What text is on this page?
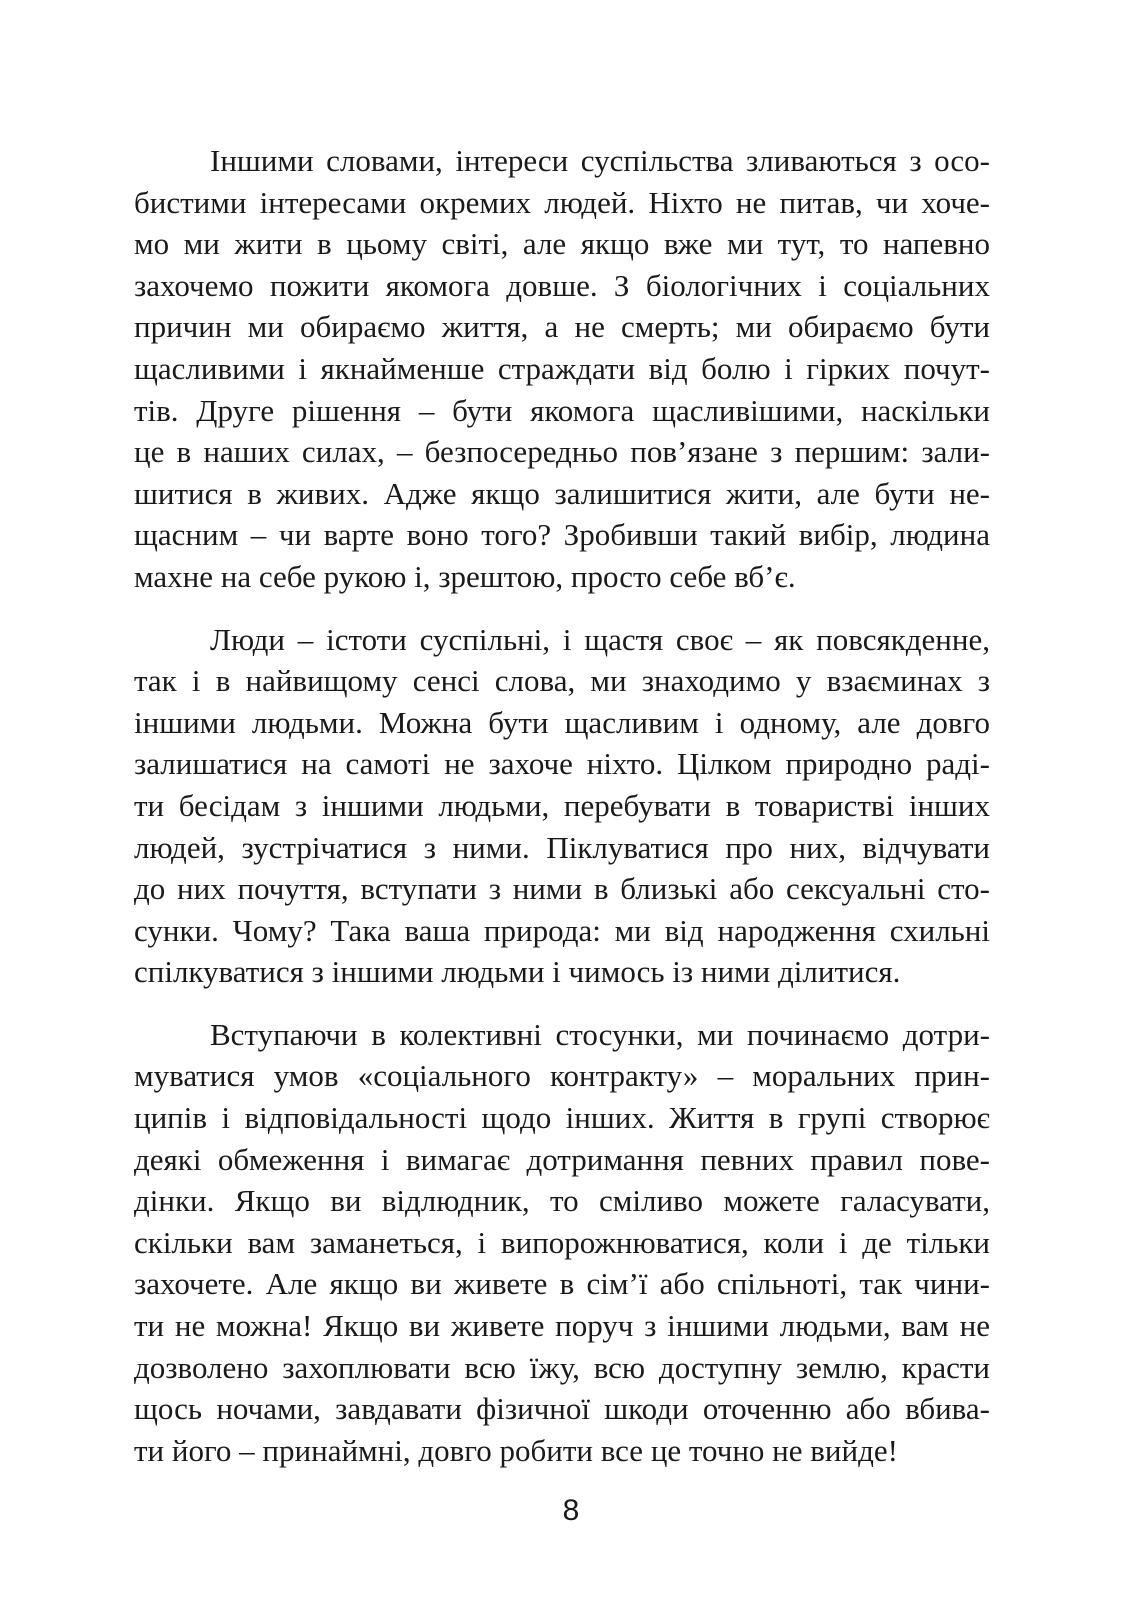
Іншими словами, інтереси суспільства зливаються з осо-
бистими інтересами окремих людей. Ніхто не питав, чи хоче-
мо ми жити в цьому світі, але якщо вже ми тут, то напевно
захочемо пожити якомога довше. З біологічних і соціальних
причин ми обираємо життя, а не смерть; ми обираємо бути
щасливими і якнайменше страждати від болю і гірких почут-
тів. Друге рішення – бути якомога щасливішими, наскільки
це в наших силах, – безпосередньо пов’язане з першим: зали-
шитися в живих. Адже якщо залишитися жити, але бути не-
щасним – чи варте воно того? Зробивши такий вибір, людина
махне на себе рукою і, зрештою, просто себе вб’є.
Люди – істоти суспільні, і щастя своє – як повсякденне,
так і в найвищому сенсі слова, ми знаходимо у взаєминах з
іншими людьми. Можна бути щасливим і одному, але довго
залишатися на самоті не захоче ніхто. Цілком природно раді-
ти бесідам з іншими людьми, перебувати в товаристві інших
людей, зустрічатися з ними. Піклуватися про них, відчувати
до них почуття, вступати з ними в близькі або сексуальні сто-
сунки. Чому? Така ваша природа: ми від народження схильні
спілкуватися з іншими людьми і чимось із ними ділитися.
Вступаючи в колективні стосунки, ми починаємо дотри-
муватися умов «соціального контракту» – моральних прин-
ципів і відповідальності щодо інших. Життя в групі створює
деякі обмеження і вимагає дотримання певних правил пове-
дінки. Якщо ви відлюдник, то сміливо можете галасувати,
скільки вам заманеться, і випорожнюватися, коли і де тільки
захочете. Але якщо ви живете в сім’ї або спільноті, так чини-
ти не можна! Якщо ви живете поруч з іншими людьми, вам не
дозволено захоплювати всю їжу, всю доступну землю, красти
щось ночами, завдавати фізичної шкоди оточенню або вбива-
ти його – принаймні, довго робити все це точно не вийде!
8
